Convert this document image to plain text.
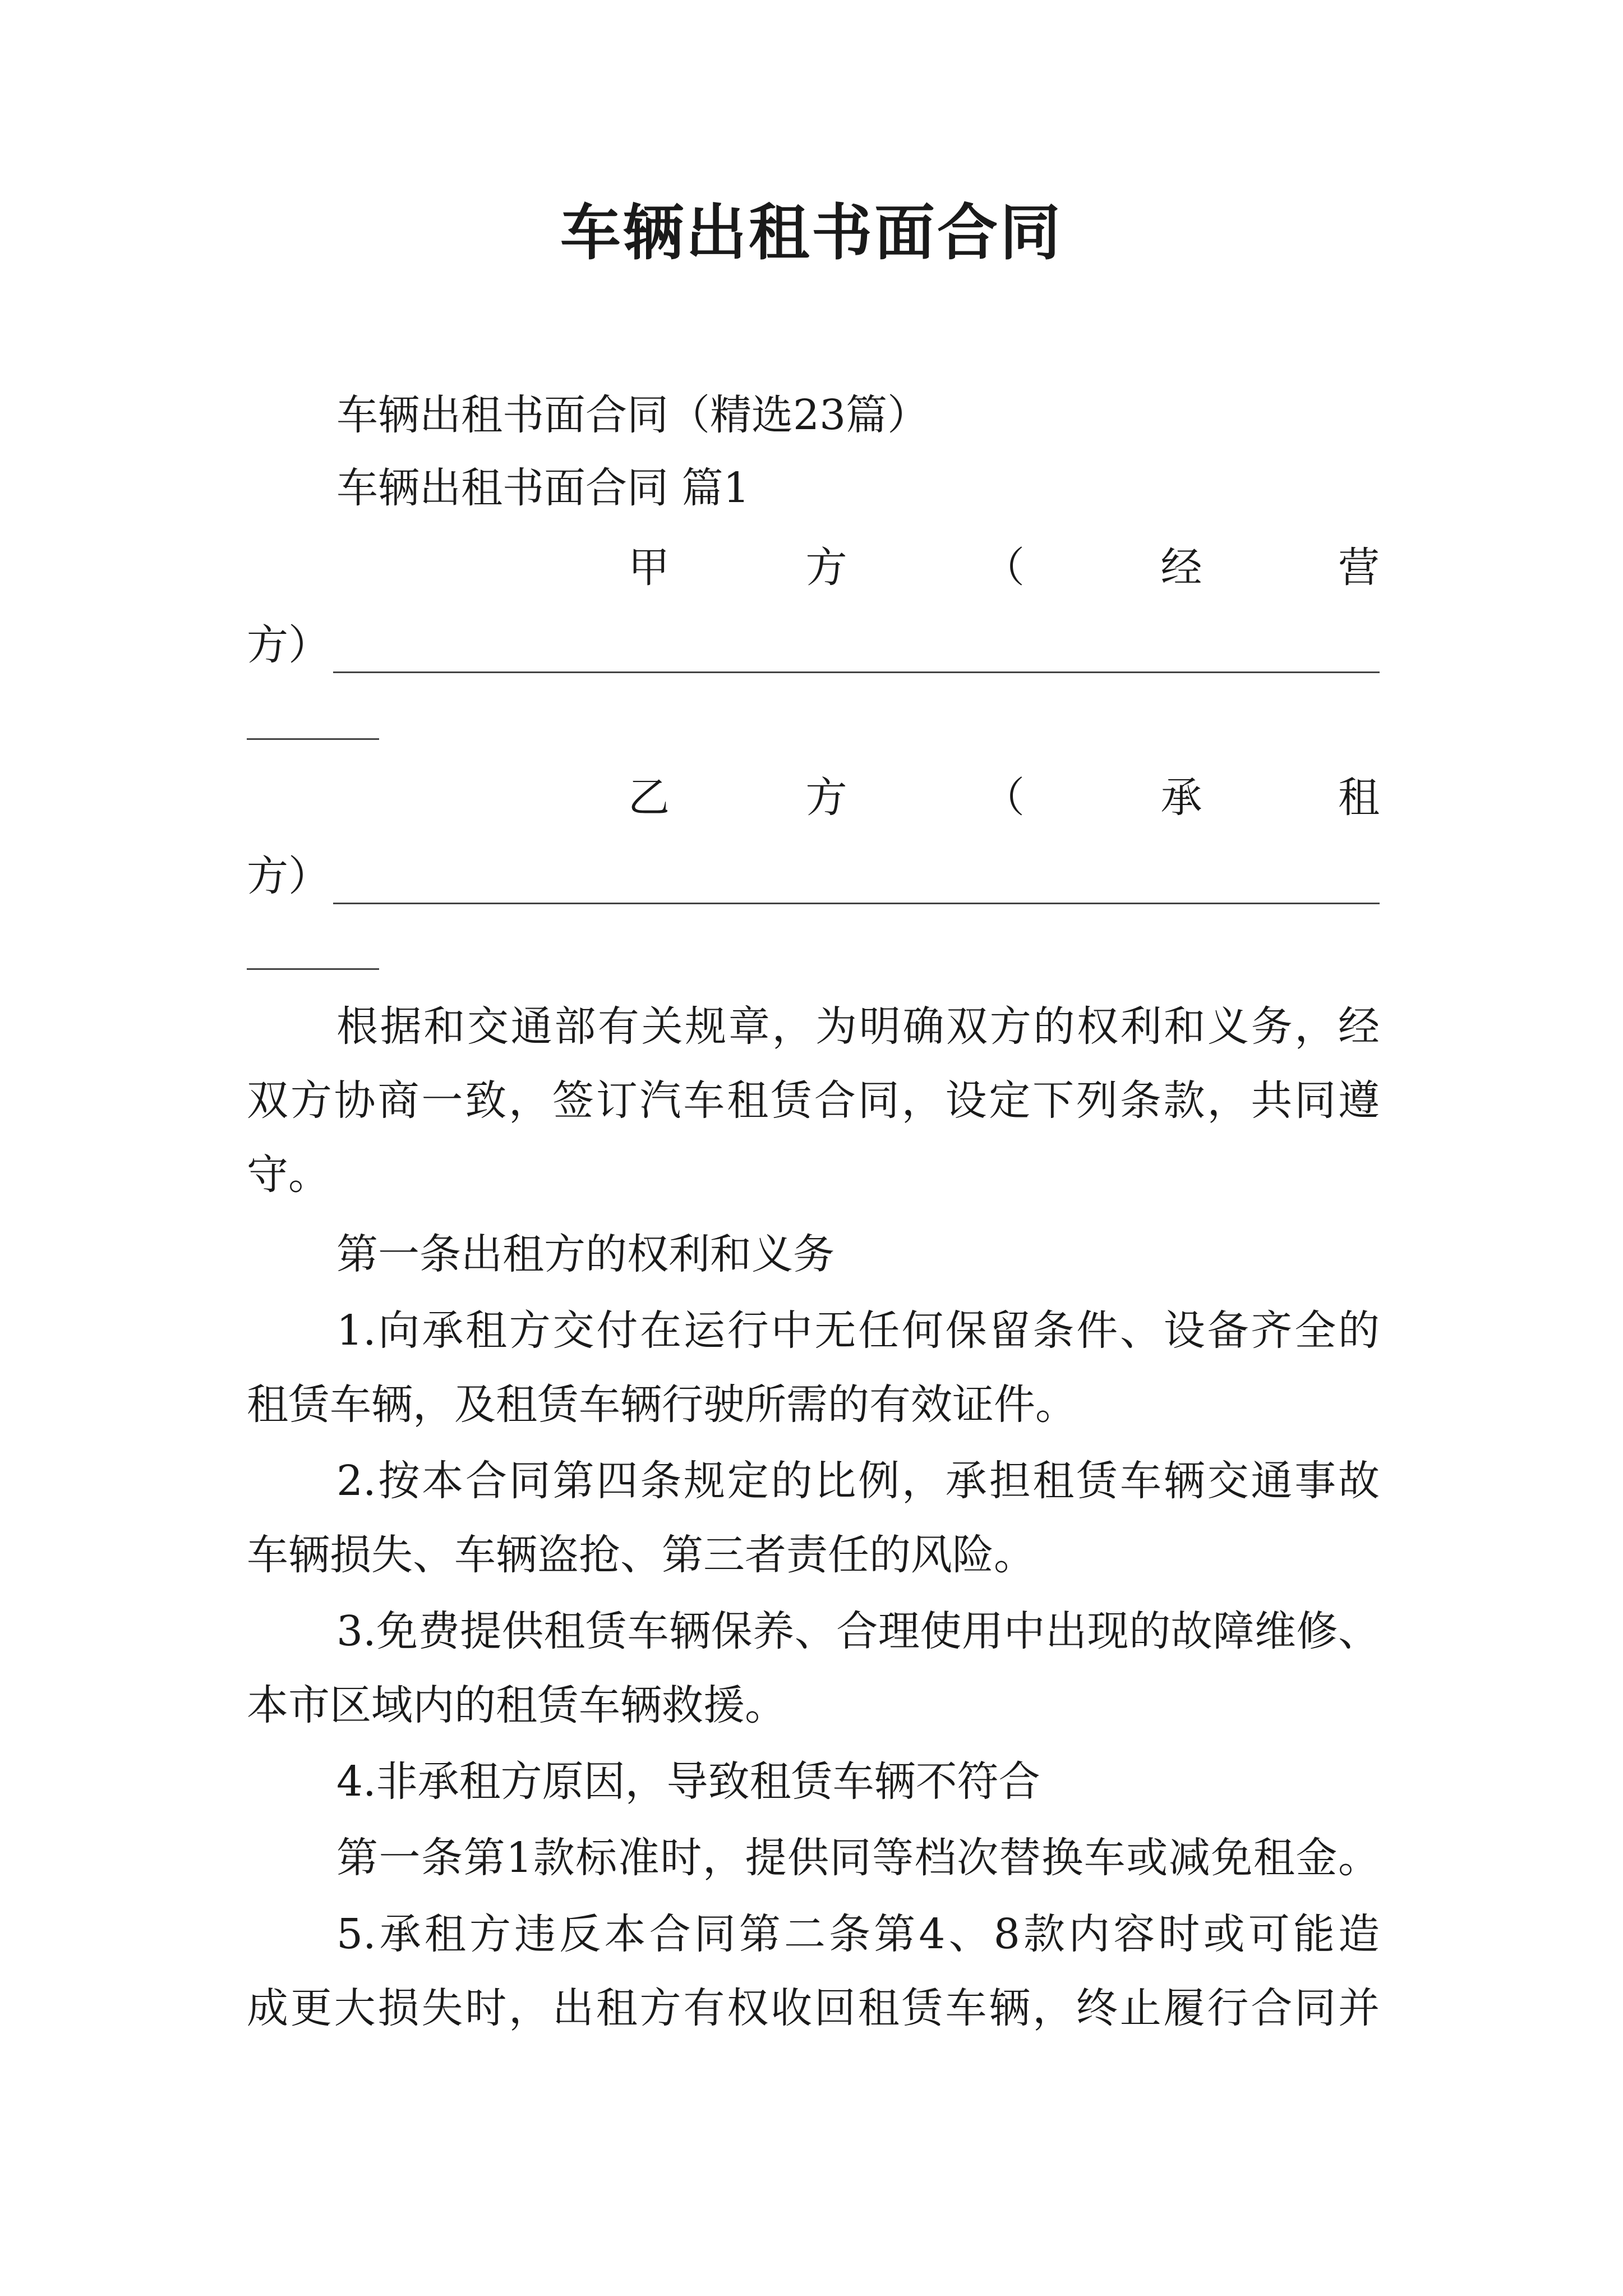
车辆出租书面合同
车辆出租书面合同（精选23篇）
车辆出租书面合同 篇1
甲	方	（	经	营
方）
乙	方	（	承	租
方）
根据和交通部有关规章，为明确双方的权利和义务，经
双方协商一致，签订汽车租赁合同，设定下列条款，共同遵
守。
第一条出租方的权利和义务
1.向承租方交付在运行中无任何保留条件、设备齐全的
租赁车辆，及租赁车辆行驶所需的有效证件。
2.按本合同第四条规定的比例，承担租赁车辆交通事故
车辆损失、车辆盗抢、第三者责任的风险。
3.免费提供租赁车辆保养、合理使用中出现的故障维修、
本市区域内的租赁车辆救援。
4.非承租方原因，导致租赁车辆不符合
第一条第1款标准时，提供同等档次替换车或减免租金。
5.承租方违反本合同第二条第4、8款内容时或可能造
成更大损失时，出租方有权收回租赁车辆，终止履行合同并
